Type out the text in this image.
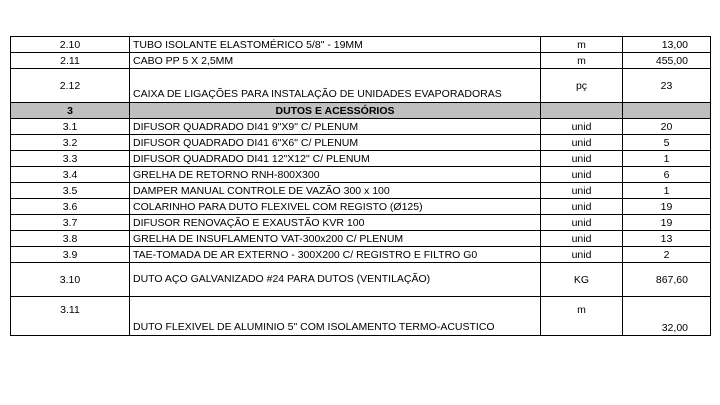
2.10	TUBO ISOLANTE ELASTOMÉRICO 5/8" - 19MM	m	13,00
2.11	CABO PP 5 X 2,5MM	m	455,00
2.12	CAIXA DE LIGAÇÕES PARA INSTALAÇÃO DE UNIDADES EVAPORADORAS	pç	23
3	DUTOS E ACESSÓRIOS		
3.1	DIFUSOR QUADRADO DI41 9"X9" C/ PLENUM	unid	20
3.2	DIFUSOR QUADRADO DI41 6"X6" C/ PLENUM	unid	5
3.3	DIFUSOR QUADRADO DI41 12"X12" C/ PLENUM	unid	1
3.4	GRELHA DE RETORNO RNH-800X300	unid	6
3.5	DAMPER MANUAL CONTROLE DE VAZÃO 300 x 100	unid	1
3.6	COLARINHO PARA DUTO FLEXIVEL COM REGISTO (Ø125)	unid	19
3.7	DIFUSOR RENOVAÇÃO E EXAUSTÃO KVR 100	unid	19
3.8	GRELHA DE INSUFLAMENTO VAT-300x200 C/ PLENUM	unid	13
3.9	TAE-TOMADA DE AR EXTERNO - 300X200 C/ REGISTRO E FILTRO G0	unid	2
3.10	DUTO AÇO GALVANIZADO #24 PARA DUTOS (VENTILAÇÃO)	KG	867,60
3.11	DUTO FLEXIVEL DE ALUMINIO 5" COM ISOLAMENTO TERMO-ACUSTICO	m	32,00
